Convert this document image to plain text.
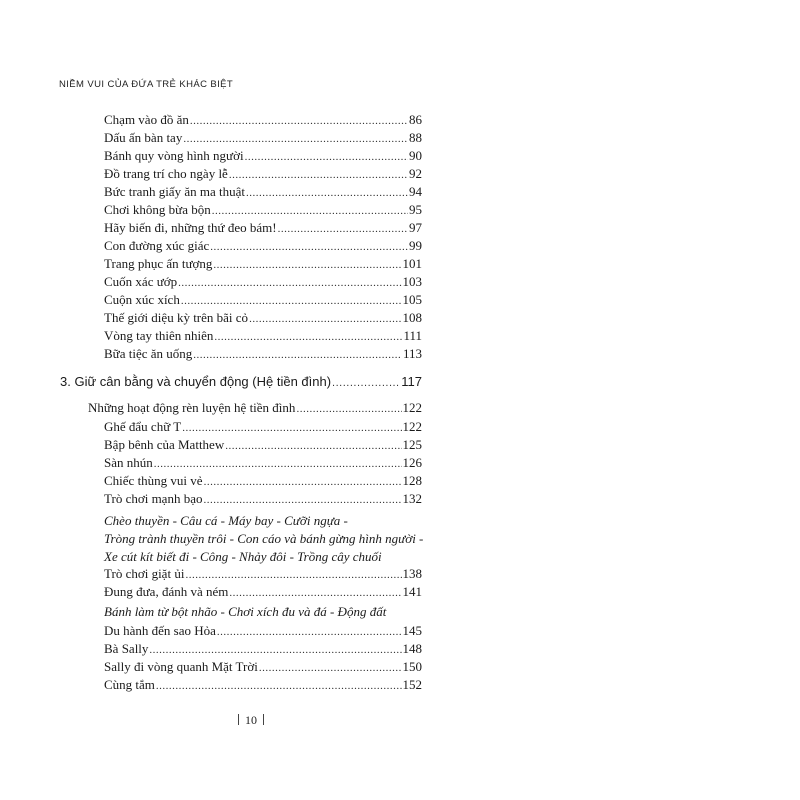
NIỀM VUI CỦA ĐỨA TRẺ KHÁC BIỆT
Chạm vào đồ ăn .....	86
Dấu ấn bàn tay .....	88
Bánh quy vòng hình người .....	90
Đồ trang trí cho ngày lễ .....	92
Bức tranh giấy ăn ma thuật .....	94
Chơi không bừa bộn .....	95
Hãy biến đi, những thứ đeo bám! .....	97
Con đường xúc giác .....	99
Trang phục ấn tượng .....	101
Cuốn xác ướp .....	103
Cuộn xúc xích .....	105
Thế giới diệu kỳ trên bãi cỏ .....	108
Vòng tay thiên nhiên .....	111
Bữa tiệc ăn uống .....	113
3. Giữ cân bằng và chuyển động (Hệ tiền đình) .....	117
Những hoạt động rèn luyện hệ tiền đình .....	122
Ghế đẩu chữ T .....	122
Bập bênh của Matthew .....	125
Sàn nhún .....	126
Chiếc thùng vui vẻ .....	128
Trò chơi mạnh bạo .....	132
Chèo thuyền - Câu cá - Máy bay - Cưỡi ngựa -
Tròng trành thuyền trôi - Con cáo và bánh gừng hình người -
Xe cút kít biết đi - Công - Nhảy đôi - Trồng cây chuối
Trò chơi giặt ủi .....	138
Đung đưa, đánh và ném .....	141
Bánh làm từ bột nhão - Chơi xích đu và đá - Động đất
Du hành đến sao Hỏa .....	145
Bà Sally .....	148
Sally đi vòng quanh Mặt Trời .....	150
Cùng tắm .....	152
10
